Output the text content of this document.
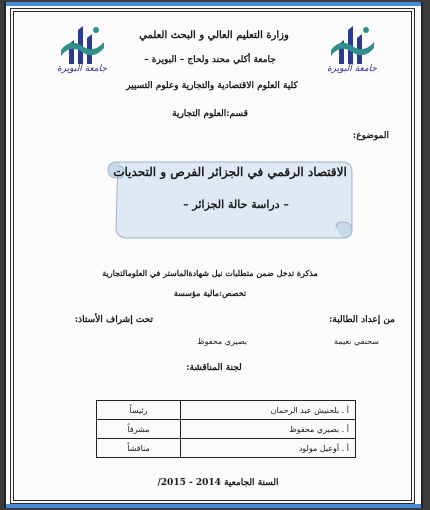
جامعة البويرة	جامعة البويرة
وزارة التعليم العالي و البحث العلمي
جامعة أكلي محند ولحاج – البويرة –
كلية العلوم الاقتصادية والتجارية وعلوم التسيير
قسم:العلوم التجارية
الموضوع:
الاقتصاد الرقمي في الجزائر الفرص و التحديات
– دراسة حالة الجزائر –
مذكرة تدخل ضمن متطلبات نيل شهادةالماستر في العلومالتجارية
تخصص:مالية مؤسسة
من إعداد الطالبة:
تحت إشراف الأستاذ:
سحنفي نعيمة
بصيري محفوظ
لجنة المناقشة:
أ . بلحنيش عبد الرحمان	رئيساً
أ . بصيري محفوظ	مشرفاً
أ . أوعيل مولود	مناقشاً
السنة الجامعية 2014 - 2015/
